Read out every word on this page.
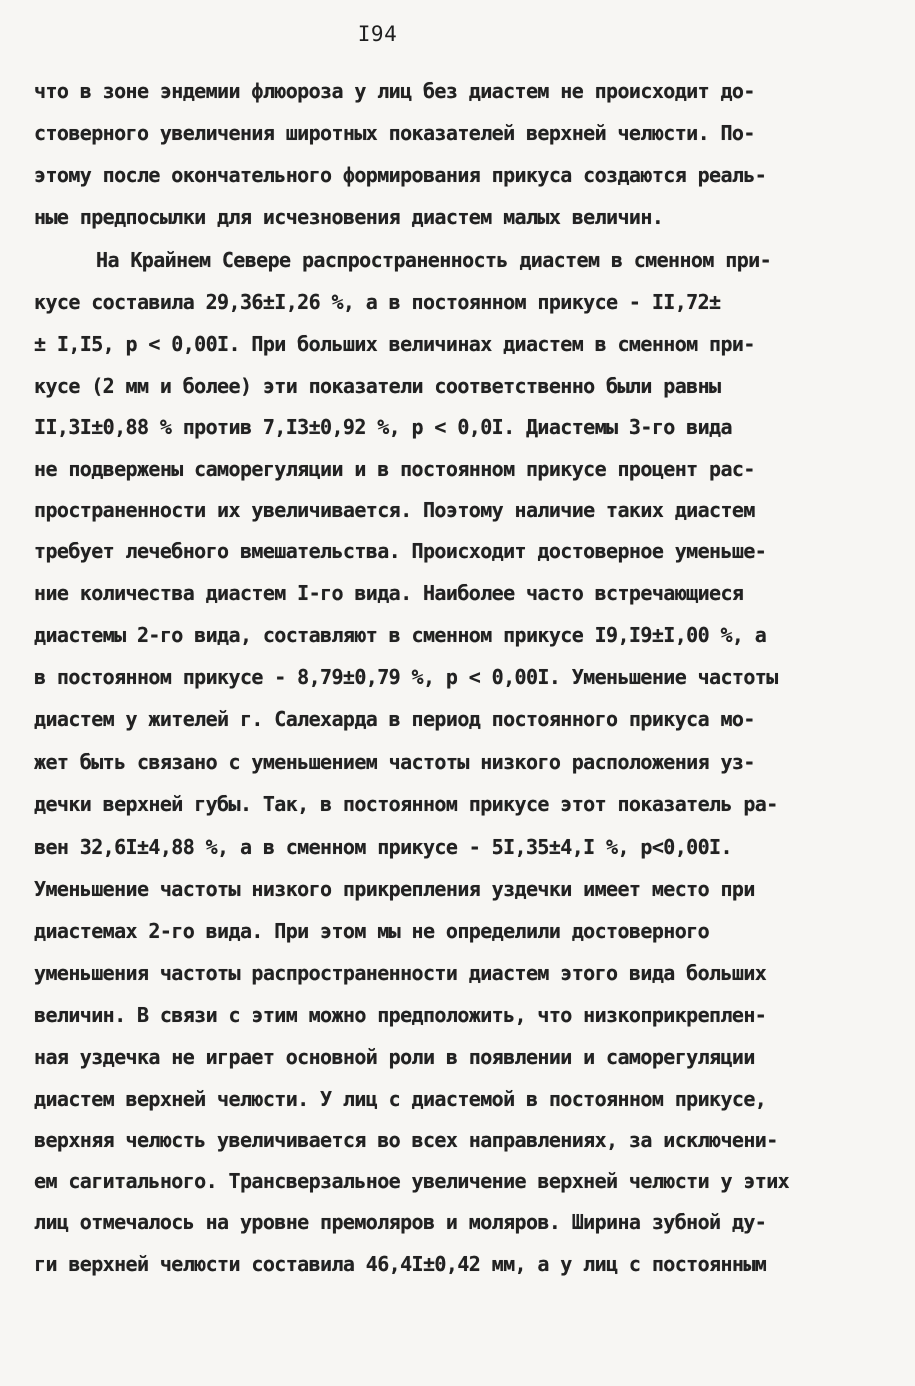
I94
что в зоне эндемии флюороза у лиц без диастем не происходит до-
стоверного увеличения широтных показателей верхней челюсти. По-
этому после окончательного формирования прикуса создаются реаль-
ные предпосылки для исчезновения диастем малых величин.
На Крайнем Севере распространенность диастем в сменном при-
кусе составила 29,36±I,26 %, а в постоянном прикусе - II,72±
± I,I5, р < 0,00I. При больших величинах диастем в сменном при-
кусе (2 мм и более) эти показатели соответственно были равны
II,3I±0,88 % против 7,I3±0,92 %, р < 0,0I. Диастемы 3-го вида
не подвержены саморегуляции и в постоянном прикусе процент рас-
пространенности их увеличивается. Поэтому наличие таких диастем
требует лечебного вмешательства. Происходит достоверное уменьше-
ние количества диастем I-го вида. Наиболее часто встречающиеся
диастемы 2-го вида, составляют в сменном прикусе I9,I9±I,00 %, а
в постоянном прикусе - 8,79±0,79 %, р < 0,00I. Уменьшение частоты
диастем у жителей г. Салехарда в период постоянного прикуса мо-
жет быть связано с уменьшением частоты низкого расположения уз-
дечки верхней губы. Так, в постоянном прикусе этот показатель ра-
вен 32,6I±4,88 %, а в сменном прикусе - 5I,35±4,I %, р<0,00I.
Уменьшение частоты низкого прикрепления уздечки имеет место при
диастемах 2-го вида. При этом мы не определили достоверного
уменьшения частоты распространенности диастем этого вида больших
величин. В связи с этим можно предположить, что низкоприкреплен-
ная уздечка не играет основной роли в появлении и саморегуляции
диастем верхней челюсти. У лиц с диастемой в постоянном прикусе,
верхняя челюсть увеличивается во всех направлениях, за исключени-
ем сагитального. Трансверзальное увеличение верхней челюсти у этих
лиц отмечалось на уровне премоляров и моляров. Ширина зубной ду-
ги верхней челюсти составила 46,4I±0,42 мм, а у лиц с постоянным
